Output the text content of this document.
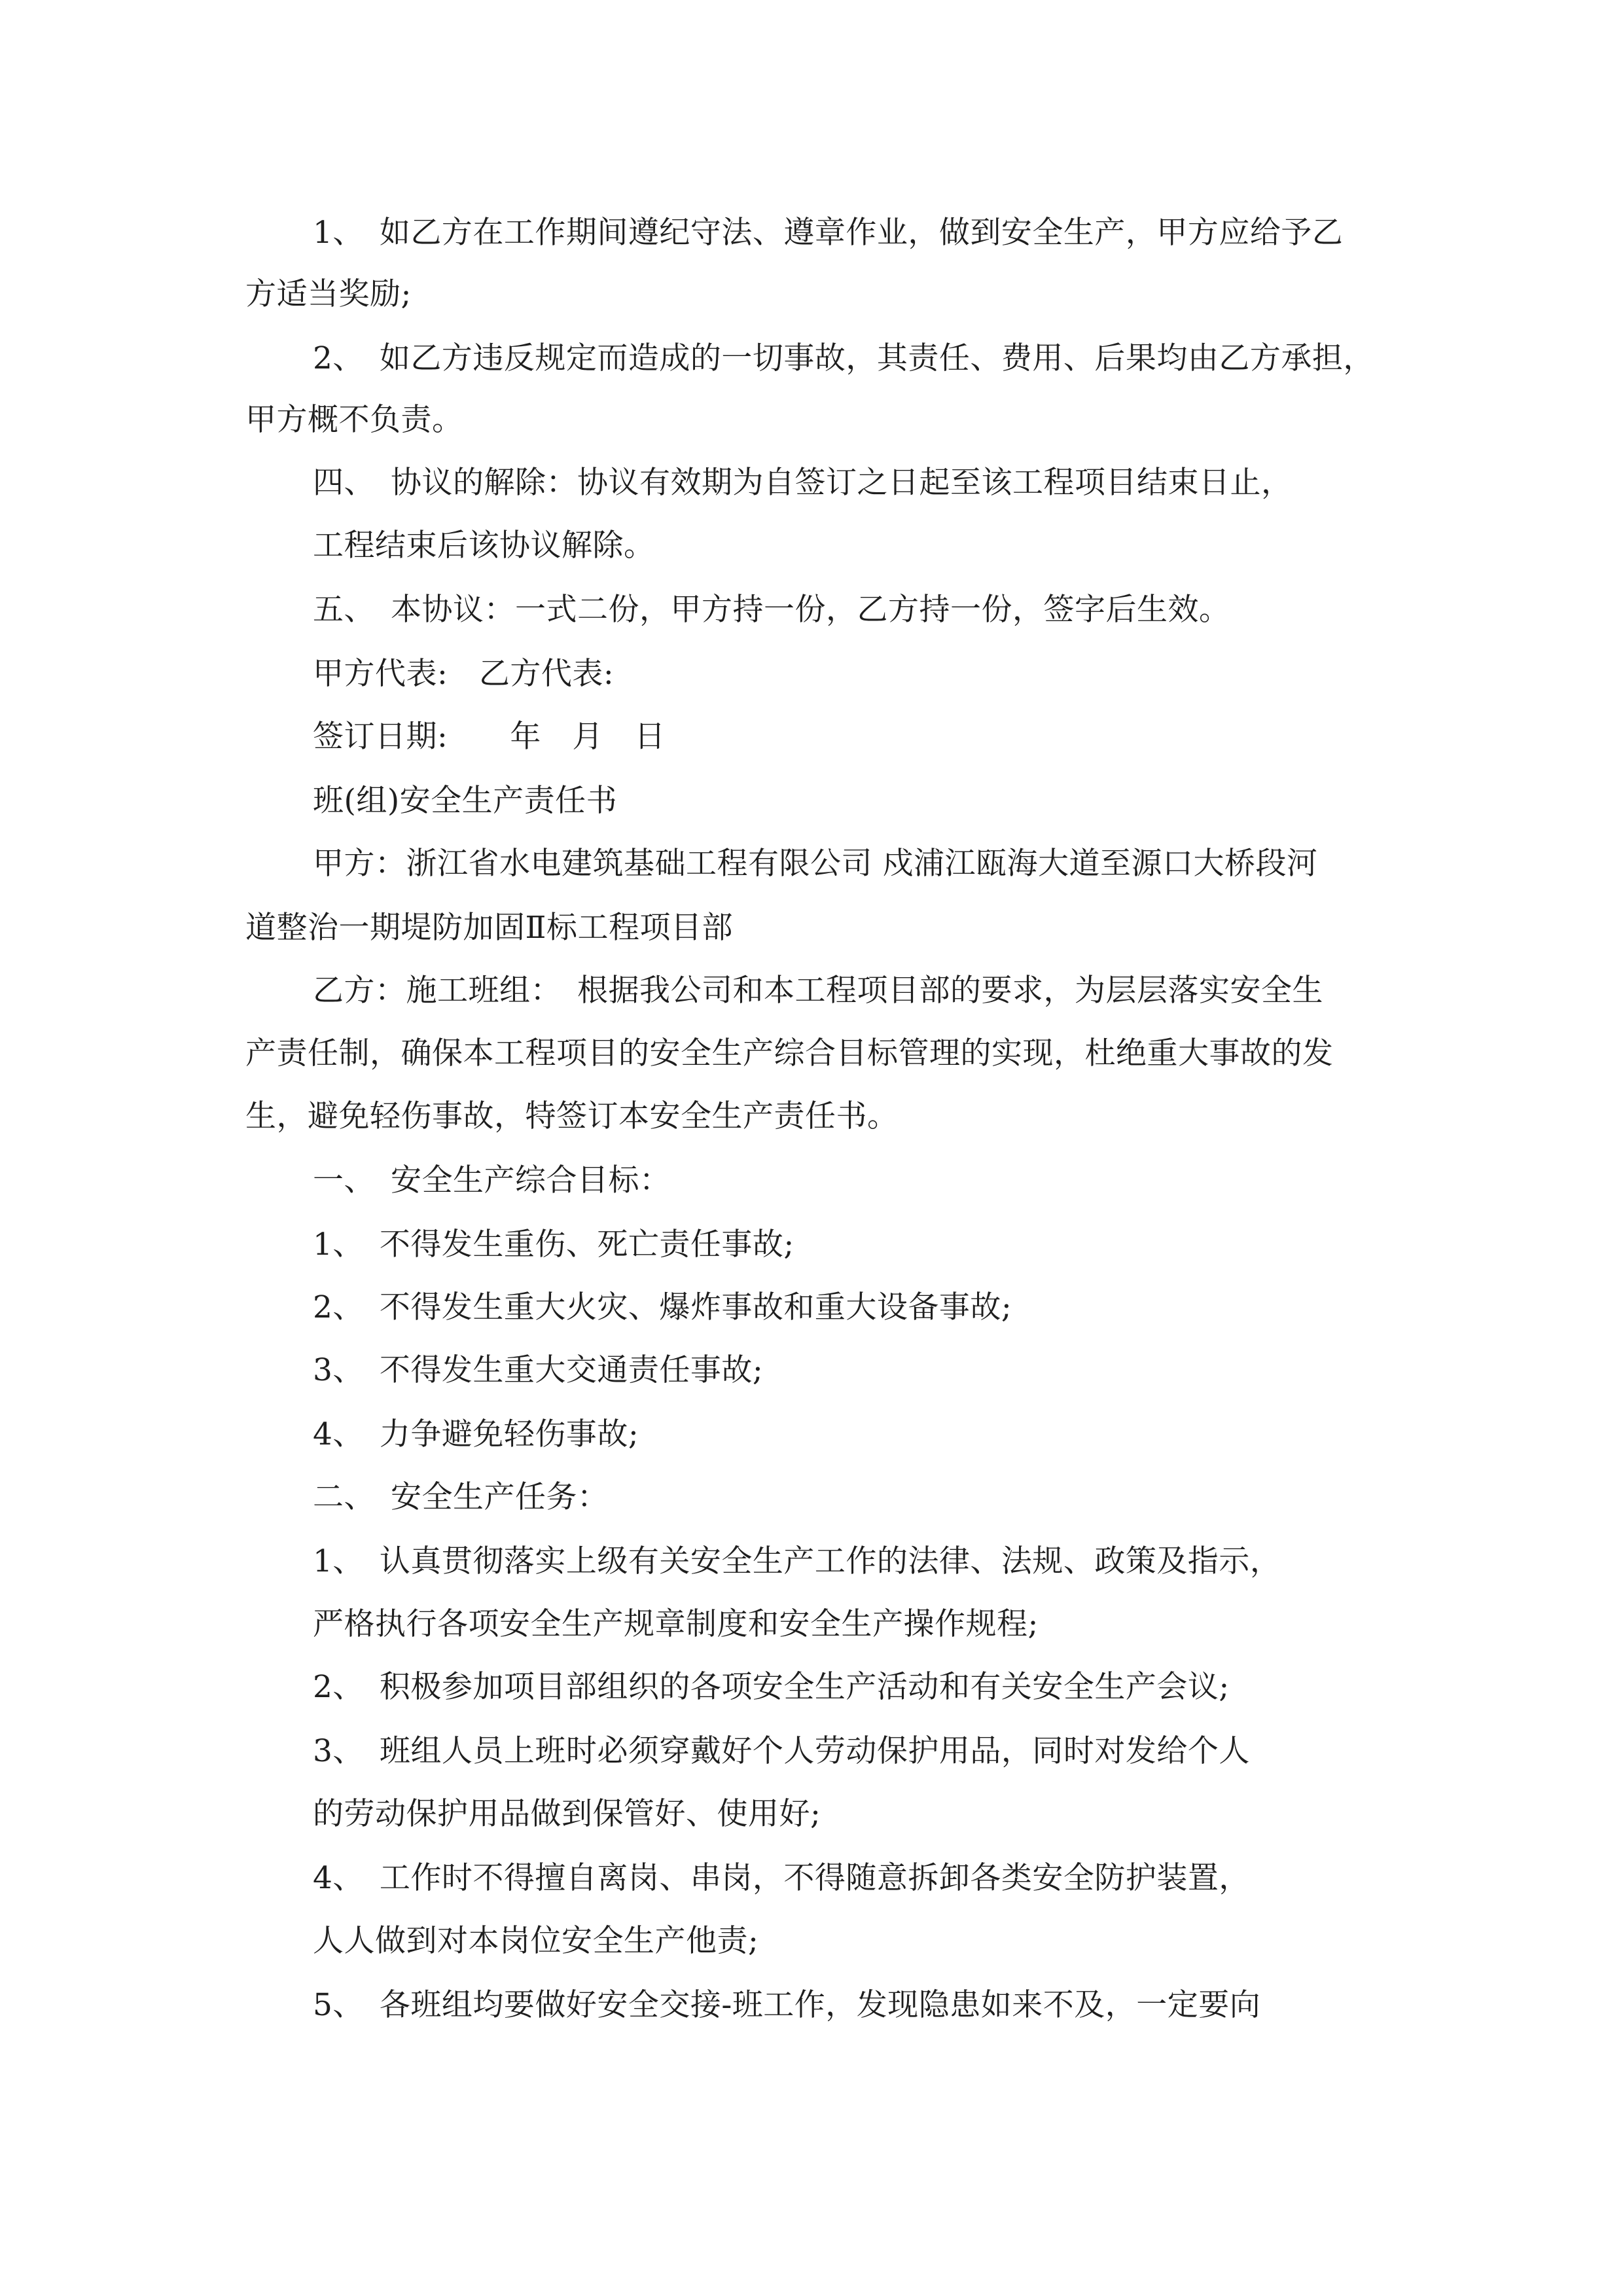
1、　如乙方在工作期间遵纪守法、遵章作业，做到安全生产，甲方应给予乙
方适当奖励;
2、　如乙方违反规定而造成的一切事故，其责任、费用、后果均由乙方承担，
甲方概不负责。
四、　协议的解除：协议有效期为自签订之日起至该工程项目结束日止，
工程结束后该协议解除。
五、　本协议：一式二份，甲方持一份，乙方持一份，签字后生效。
甲方代表:　乙方代表:
签订日期:　　年　月　日
班(组)安全生产责任书
甲方：浙江省水电建筑基础工程有限公司 戍浦江瓯海大道至源口大桥段河
道整治一期堤防加固Ⅱ标工程项目部
乙方：施工班组：　根据我公司和本工程项目部的要求，为层层落实安全生
产责任制，确保本工程项目的安全生产综合目标管理的实现，杜绝重大事故的发
生，避免轻伤事故，特签订本安全生产责任书。
一、　安全生产综合目标：
1、　不得发生重伤、死亡责任事故;
2、　不得发生重大火灾、爆炸事故和重大设备事故;
3、　不得发生重大交通责任事故;
4、　力争避免轻伤事故;
二、　安全生产任务：
1、　认真贯彻落实上级有关安全生产工作的法律、法规、政策及指示，
严格执行各项安全生产规章制度和安全生产操作规程;
2、　积极参加项目部组织的各项安全生产活动和有关安全生产会议;
3、　班组人员上班时必须穿戴好个人劳动保护用品，同时对发给个人
的劳动保护用品做到保管好、使用好;
4、　工作时不得擅自离岗、串岗，不得随意拆卸各类安全防护装置，
人人做到对本岗位安全生产他责;
5、　各班组均要做好安全交接-班工作，发现隐患如来不及，一定要向
